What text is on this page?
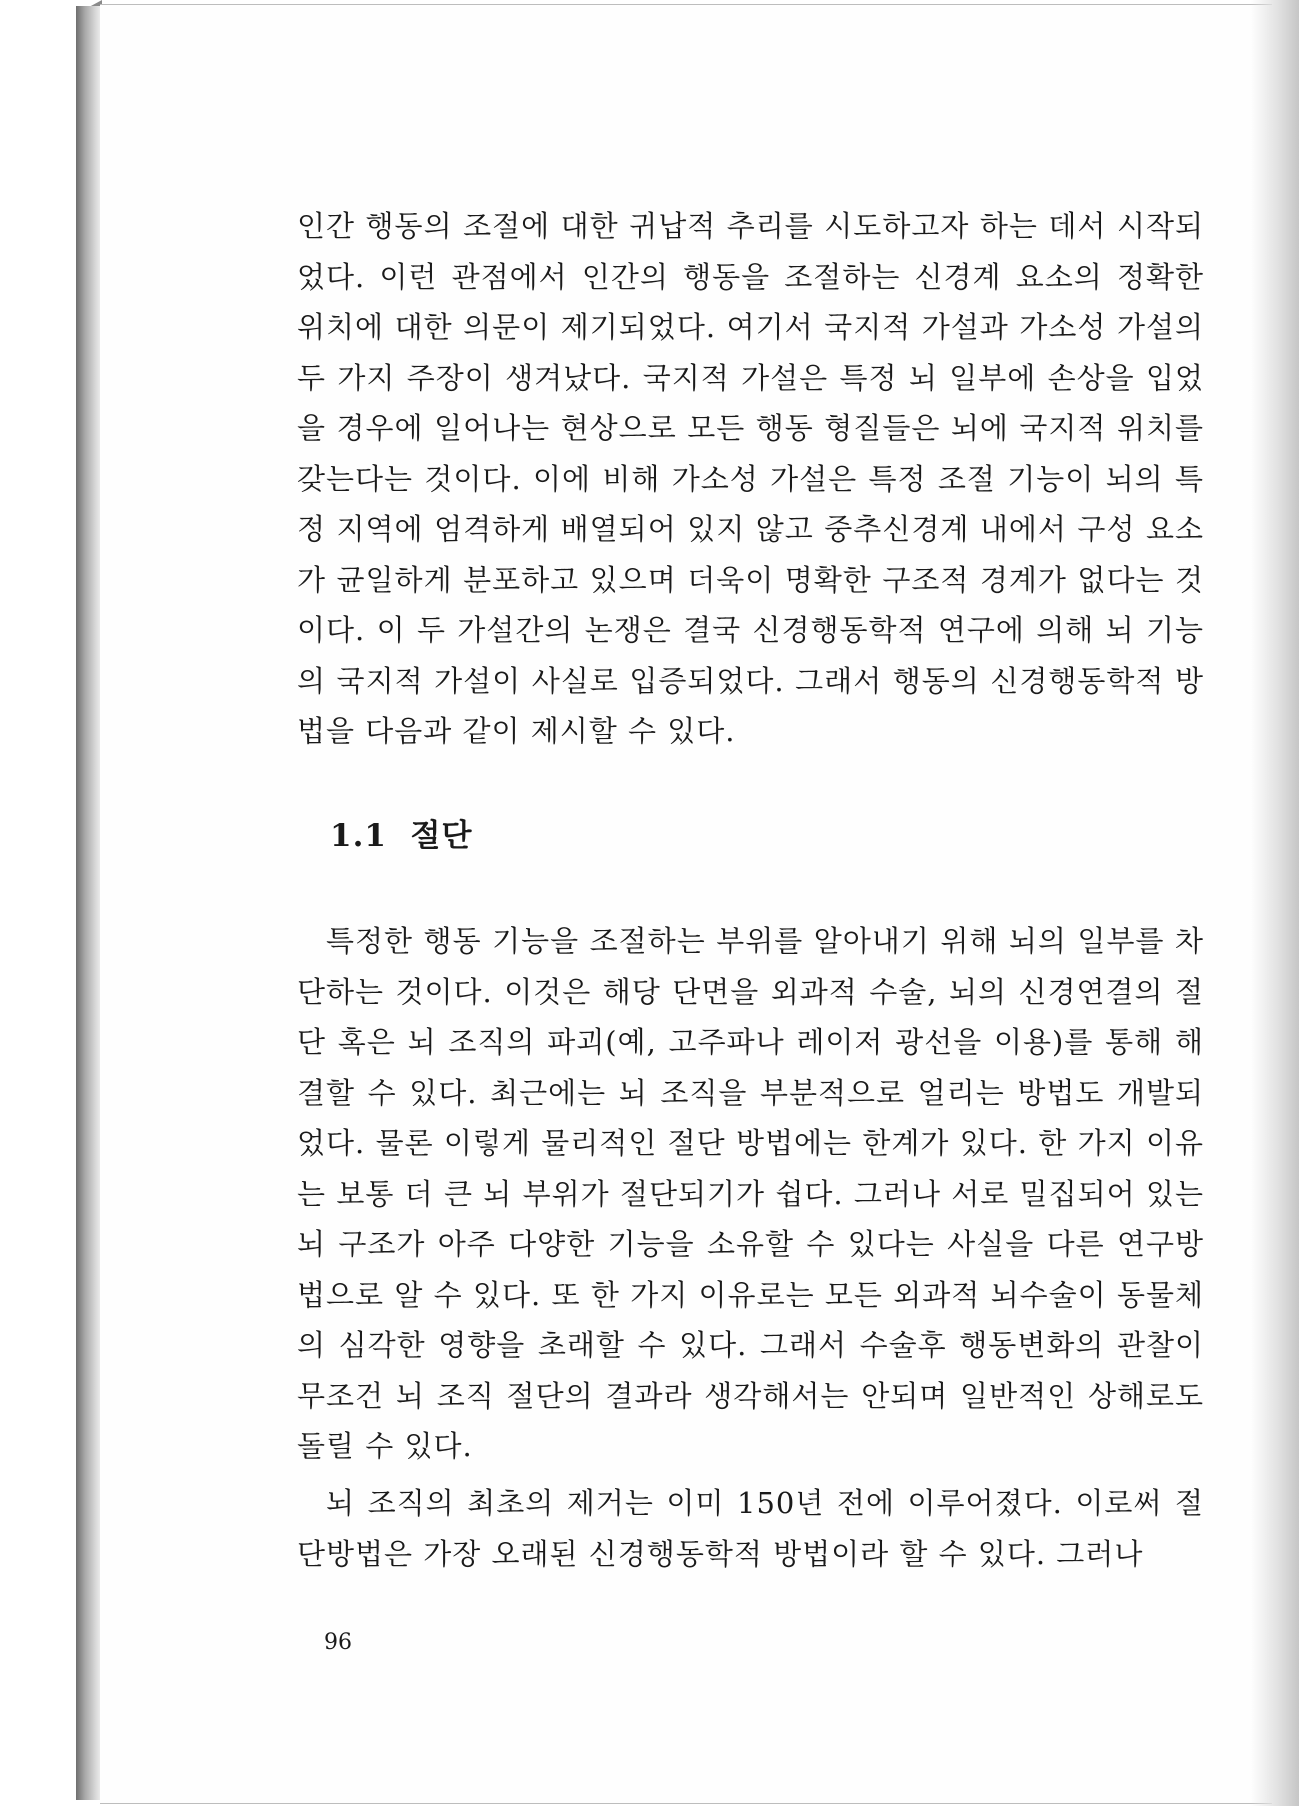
인간 행동의 조절에 대한 귀납적 추리를 시도하고자 하는 데서 시작되었다. 이런 관점에서 인간의 행동을 조절하는 신경계 요소의 정확한 위치에 대한 의문이 제기되었다. 여기서 국지적 가설과 가소성 가설의 두 가지 주장이 생겨났다. 국지적 가설은 특정 뇌 일부에 손상을 입었을 경우에 일어나는 현상으로 모든 행동 형질들은 뇌에 국지적 위치를 갖는다는 것이다. 이에 비해 가소성 가설은 특정 조절 기능이 뇌의 특정 지역에 엄격하게 배열되어 있지 않고 중추신경계 내에서 구성 요소가 균일하게 분포하고 있으며 더욱이 명확한 구조적 경계가 없다는 것이다. 이 두 가설간의 논쟁은 결국 신경행동학적 연구에 의해 뇌 기능의 국지적 가설이 사실로 입증되었다. 그래서 행동의 신경행동학적 방법을 다음과 같이 제시할 수 있다.

1.1 절단

특정한 행동 기능을 조절하는 부위를 알아내기 위해 뇌의 일부를 차단하는 것이다. 이것은 해당 단면을 외과적 수술, 뇌의 신경연결의 절단 혹은 뇌 조직의 파괴(예, 고주파나 레이저 광선을 이용)를 통해 해결할 수 있다. 최근에는 뇌 조직을 부분적으로 얼리는 방법도 개발되었다. 물론 이렇게 물리적인 절단 방법에는 한계가 있다. 한 가지 이유는 보통 더 큰 뇌 부위가 절단되기가 쉽다. 그러나 서로 밀집되어 있는 뇌 구조가 아주 다양한 기능을 소유할 수 있다는 사실을 다른 연구방법으로 알 수 있다. 또 한 가지 이유로는 모든 외과적 뇌수술이 동물체의 심각한 영향을 초래할 수 있다. 그래서 수술후 행동변화의 관찰이 무조건 뇌 조직 절단의 결과라 생각해서는 안되며 일반적인 상해로도 돌릴 수 있다.

뇌 조직의 최초의 제거는 이미 150년 전에 이루어졌다. 이로써 절단방법은 가장 오래된 신경행동학적 방법이라 할 수 있다. 그러나

96
